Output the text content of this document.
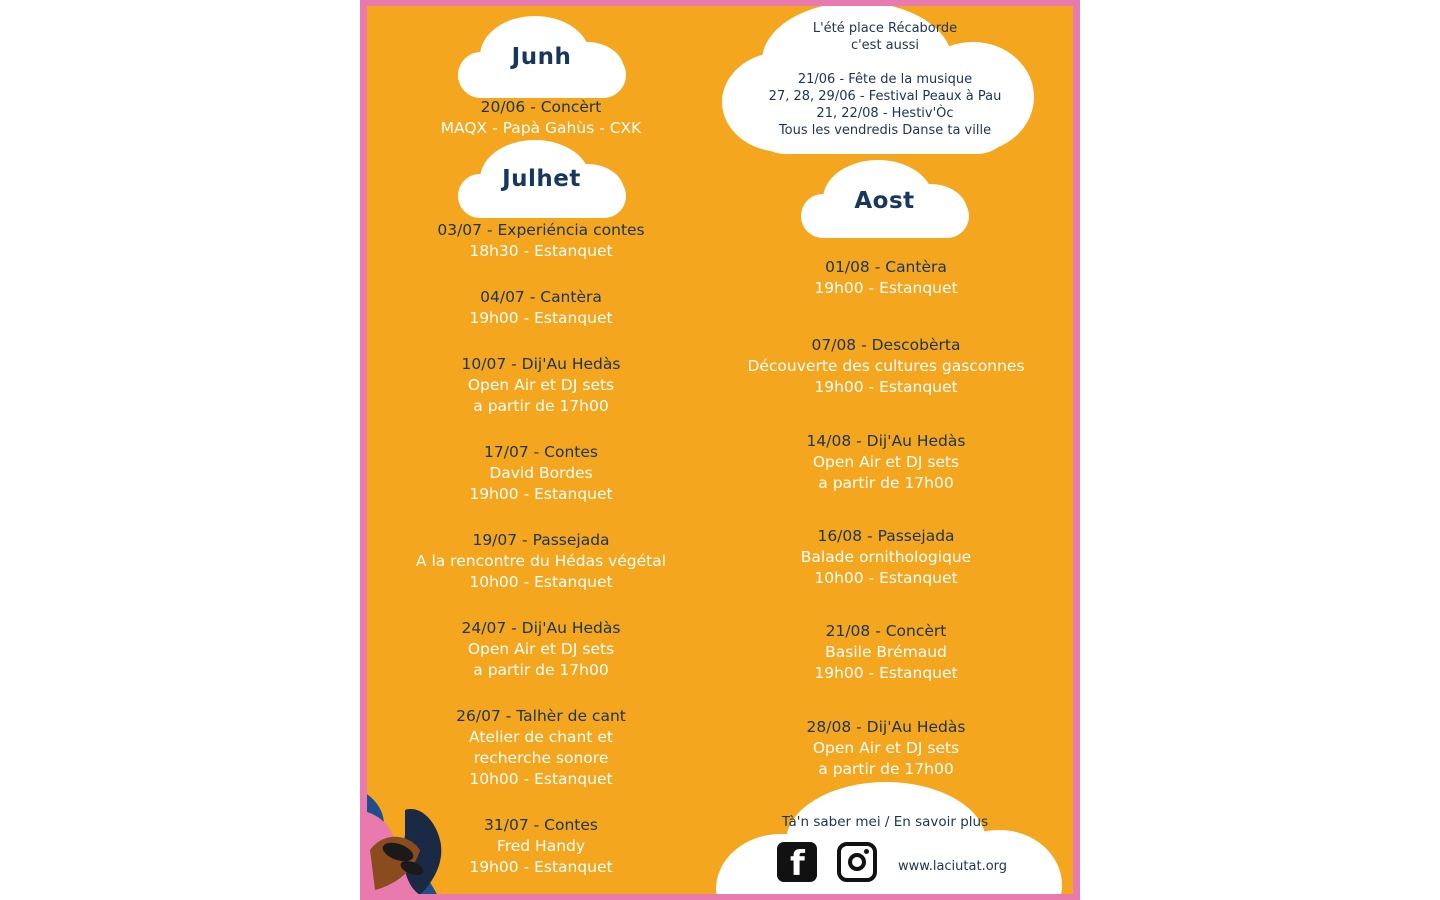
Junh
Julhet
L'été place Récaborde
c'est aussi
21/06 - Fête de la musique
27, 28, 29/06 - Festival Peaux à Pau
21, 22/08 - Hestiv'Òc
Tous les vendredis Danse ta ville
Aost
20/06 - Concèrt
MAQX - Papà Gahùs - CXK
03/07 - Experiéncia contes
18h30 - Estanquet
04/07 - Cantèra
19h00 - Estanquet
10/07 - Dij'Au Hedàs
Open Air et DJ sets
a partir de 17h00
17/07 - Contes
David Bordes
19h00 - Estanquet
19/07 - Passejada
A la rencontre du Hédas végétal
10h00 - Estanquet
24/07 - Dij'Au Hedàs
Open Air et DJ sets
a partir de 17h00
26/07 - Talhèr de cant
Atelier de chant et
recherche sonore
10h00 - Estanquet
31/07 - Contes
Fred Handy
19h00 - Estanquet
01/08 - Cantèra
19h00 - Estanquet
07/08 - Descobèrta
Découverte des cultures gasconnes
19h00 - Estanquet
14/08 - Dij'Au Hedàs
Open Air et DJ sets
a partir de 17h00
16/08 - Passejada
Balade ornithologique
10h00 - Estanquet
21/08 - Concèrt
Basile Brémaud
19h00 - Estanquet
28/08 - Dij'Au Hedàs
Open Air et DJ sets
a partir de 17h00
Tà'n saber mei / En savoir plus
f	www.laciutat.org
